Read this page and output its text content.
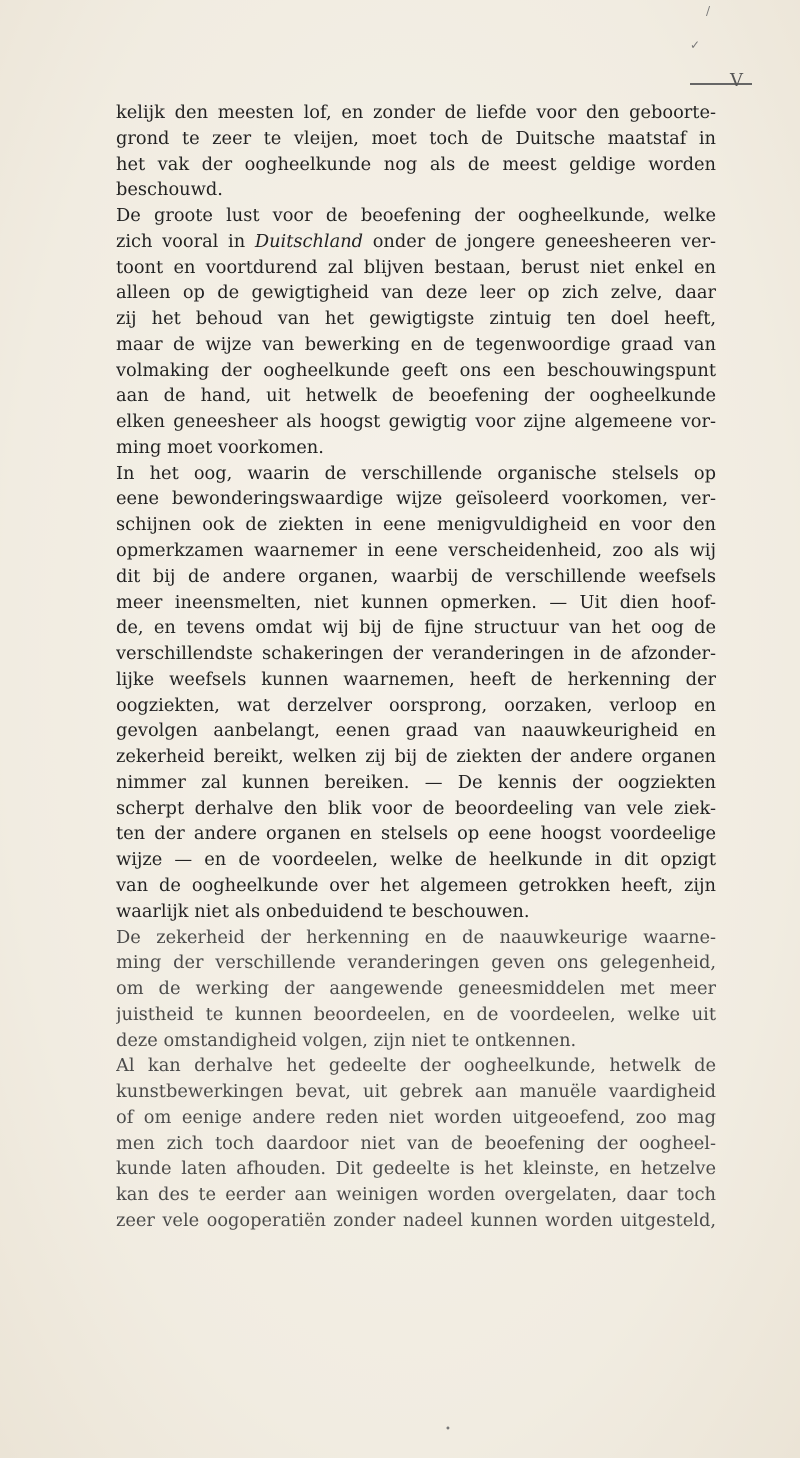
/
✓
V
kelijk den meesten lof, en zonder de liefde voor den geboorte-
grond te zeer te vleijen, moet toch de Duitsche maatstaf in
het vak der oogheelkunde nog als de meest geldige worden
beschouwd.
De groote lust voor de beoefening der oogheelkunde, welke
zich vooral in Duitschland onder de jongere geneesheeren ver-
toont en voortdurend zal blijven bestaan, berust niet enkel en
alleen op de gewigtigheid van deze leer op zich zelve, daar
zij het behoud van het gewigtigste zintuig ten doel heeft,
maar de wijze van bewerking en de tegenwoordige graad van
volmaking der oogheelkunde geeft ons een beschouwingspunt
aan de hand, uit hetwelk de beoefening der oogheelkunde
elken geneesheer als hoogst gewigtig voor zijne algemeene vor-
ming moet voorkomen.
In het oog, waarin de verschillende organische stelsels op
eene bewonderingswaardige wijze geïsoleerd voorkomen, ver-
schijnen ook de ziekten in eene menigvuldigheid en voor den
opmerkzamen waarnemer in eene verscheidenheid, zoo als wij
dit bij de andere organen, waarbij de verschillende weefsels
meer ineensmelten, niet kunnen opmerken. — Uit dien hoof-
de, en tevens omdat wij bij de fijne structuur van het oog de
verschillendste schakeringen der veranderingen in de afzonder-
lijke weefsels kunnen waarnemen, heeft de herkenning der
oogziekten, wat derzelver oorsprong, oorzaken, verloop en
gevolgen aanbelangt, eenen graad van naauwkeurigheid en
zekerheid bereikt, welken zij bij de ziekten der andere organen
nimmer zal kunnen bereiken. — De kennis der oogziekten
scherpt derhalve den blik voor de beoordeeling van vele ziek-
ten der andere organen en stelsels op eene hoogst voordeelige
wijze — en de voordeelen, welke de heelkunde in dit opzigt
van de oogheelkunde over het algemeen getrokken heeft, zijn
waarlijk niet als onbeduidend te beschouwen.
De zekerheid der herkenning en de naauwkeurige waarne-
ming der verschillende veranderingen geven ons gelegenheid,
om de werking der aangewende geneesmiddelen met meer
juistheid te kunnen beoordeelen, en de voordeelen, welke uit
deze omstandigheid volgen, zijn niet te ontkennen.
Al kan derhalve het gedeelte der oogheelkunde, hetwelk de
kunstbewerkingen bevat, uit gebrek aan manuële vaardigheid
of om eenige andere reden niet worden uitgeoefend, zoo mag
men zich toch daardoor niet van de beoefening der oogheel-
kunde laten afhouden. Dit gedeelte is het kleinste, en hetzelve
kan des te eerder aan weinigen worden overgelaten, daar toch
zeer vele oogoperatiën zonder nadeel kunnen worden uitgesteld,
•
